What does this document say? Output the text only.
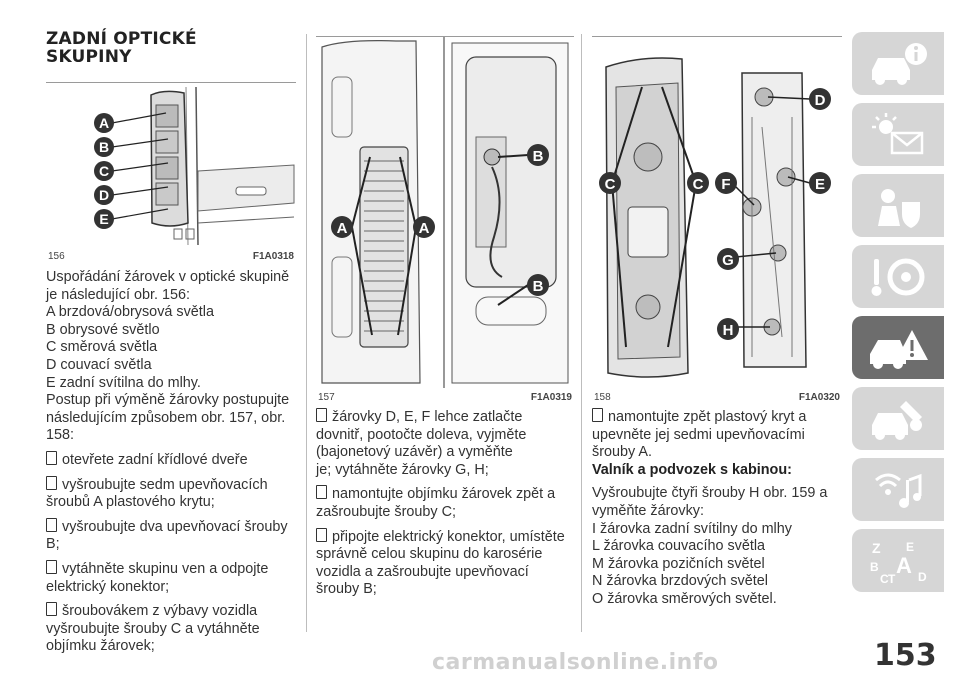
ZADNÍ OPTICKÉ
SKUPINY
A
B
C
D
E
156	F1A0318

Uspořádání žárovek v optické skupině

je následující obr. 156:

A brzdová/obrysová světla

B obrysové světlo

C směrová světla

D couvací světla

E zadní svítilna do mlhy.

Postup při výměně žárovky postupujte

následujícím způsobem obr. 157, obr.

158:

otevřete zadní křídlové dveře

vyšroubujte sedm upevňovacích

šroubů A plastového krytu;

vyšroubujte dva upevňovací šrouby

B;

vytáhněte skupinu ven a odpojte

elektrický konektor;

šroubovákem z výbavy vozidla

vyšroubujte šrouby C a vytáhněte

objímku žárovek;

A	A
B
B
157	F1A0319

žárovky D, E, F lehce zatlačte

dovnitř, pootočte doleva, vyjměte

(bajonetový uzávěr) a vyměňte

je; vytáhněte žárovky G, H;

namontujte objímku žárovek zpět a

zašroubujte šrouby C;

připojte elektrický konektor, umístěte

správně celou skupinu do karosérie

vozidla a zašroubujte upevňovací

šrouby B;

C	C
D
F	E
G
H
158	F1A0320

namontujte zpět plastový kryt a

upevněte jej sedmi upevňovacími

šrouby A.

Valník a podvozek s kabinou:

Vyšroubujte čtyři šrouby H obr. 159 a

vyměňte žárovky:

I žárovka zadní svítilny do mlhy

L žárovka couvacího světla

M žárovka pozičních světel

N žárovka brzdových světel

O žárovka směrových světel.

Z E
B A
C T D
153
carmanualsonline.info
